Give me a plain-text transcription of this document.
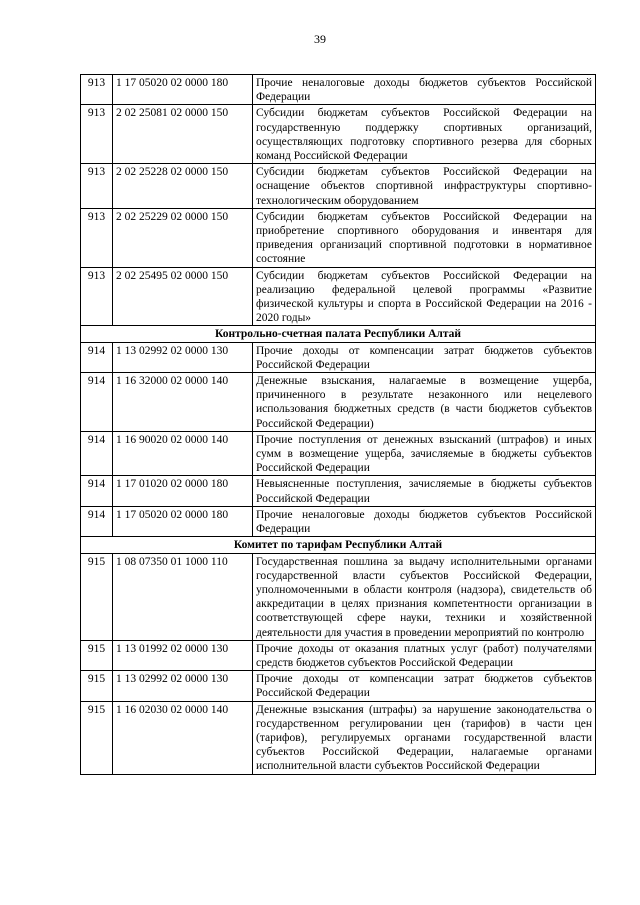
39
913	1 17 05020 02 0000 180	Прочие неналоговые доходы бюджетов субъектов Российской Федерации
913	2 02 25081 02 0000 150	Субсидии бюджетам субъектов Российской Федерации на государственную поддержку спортивных организаций, осуществляющих подготовку спортивного резерва для сборных команд Российской Федерации
913	2 02 25228 02 0000 150	Субсидии бюджетам субъектов Российской Федерации на оснащение объектов спортивной инфраструктуры спортивно-технологическим оборудованием
913	2 02 25229 02 0000 150	Субсидии бюджетам субъектов Российской Федерации на приобретение спортивного оборудования и инвентаря для приведения организаций спортивной подготовки в нормативное состояние
913	2 02 25495 02 0000 150	Субсидии бюджетам субъектов Российской Федерации на реализацию федеральной целевой программы «Развитие физической культуры и спорта в Российской Федерации на 2016 - 2020 годы»
Контрольно-счетная палата Республики Алтай		
914	1 13 02992 02 0000 130	Прочие доходы от компенсации затрат бюджетов субъектов Российской Федерации
914	1 16 32000 02 0000 140	Денежные взыскания, налагаемые в возмещение ущерба, причиненного в результате незаконного или нецелевого использования бюджетных средств (в части бюджетов субъектов Российской Федерации)
914	1 16 90020 02 0000 140	Прочие поступления от денежных взысканий (штрафов) и иных сумм в возмещение ущерба, зачисляемые в бюджеты субъектов Российской Федерации
914	1 17 01020 02 0000 180	Невыясненные поступления, зачисляемые в бюджеты субъектов Российской Федерации
914	1 17 05020 02 0000 180	Прочие неналоговые доходы бюджетов субъектов Российской Федерации
Комитет по тарифам Республики Алтай		
915	1 08 07350 01 1000 110	Государственная пошлина за выдачу исполнительными органами государственной власти субъектов Российской Федерации, уполномоченными в области контроля (надзора), свидетельств об аккредитации в целях признания компетентности организации в соответствующей сфере науки, техники и хозяйственной деятельности для участия в проведении мероприятий по контролю
915	1 13 01992 02 0000 130	Прочие доходы от оказания платных услуг (работ) получателями средств бюджетов субъектов Российской Федерации
915	1 13 02992 02 0000 130	Прочие доходы от компенсации затрат бюджетов субъектов Российской Федерации
915	1 16 02030 02 0000 140	Денежные взыскания (штрафы) за нарушение законодательства о государственном регулировании цен (тарифов) в части цен (тарифов), регулируемых органами государственной власти субъектов Российской Федерации, налагаемые органами исполнительной власти субъектов Российской Федерации
